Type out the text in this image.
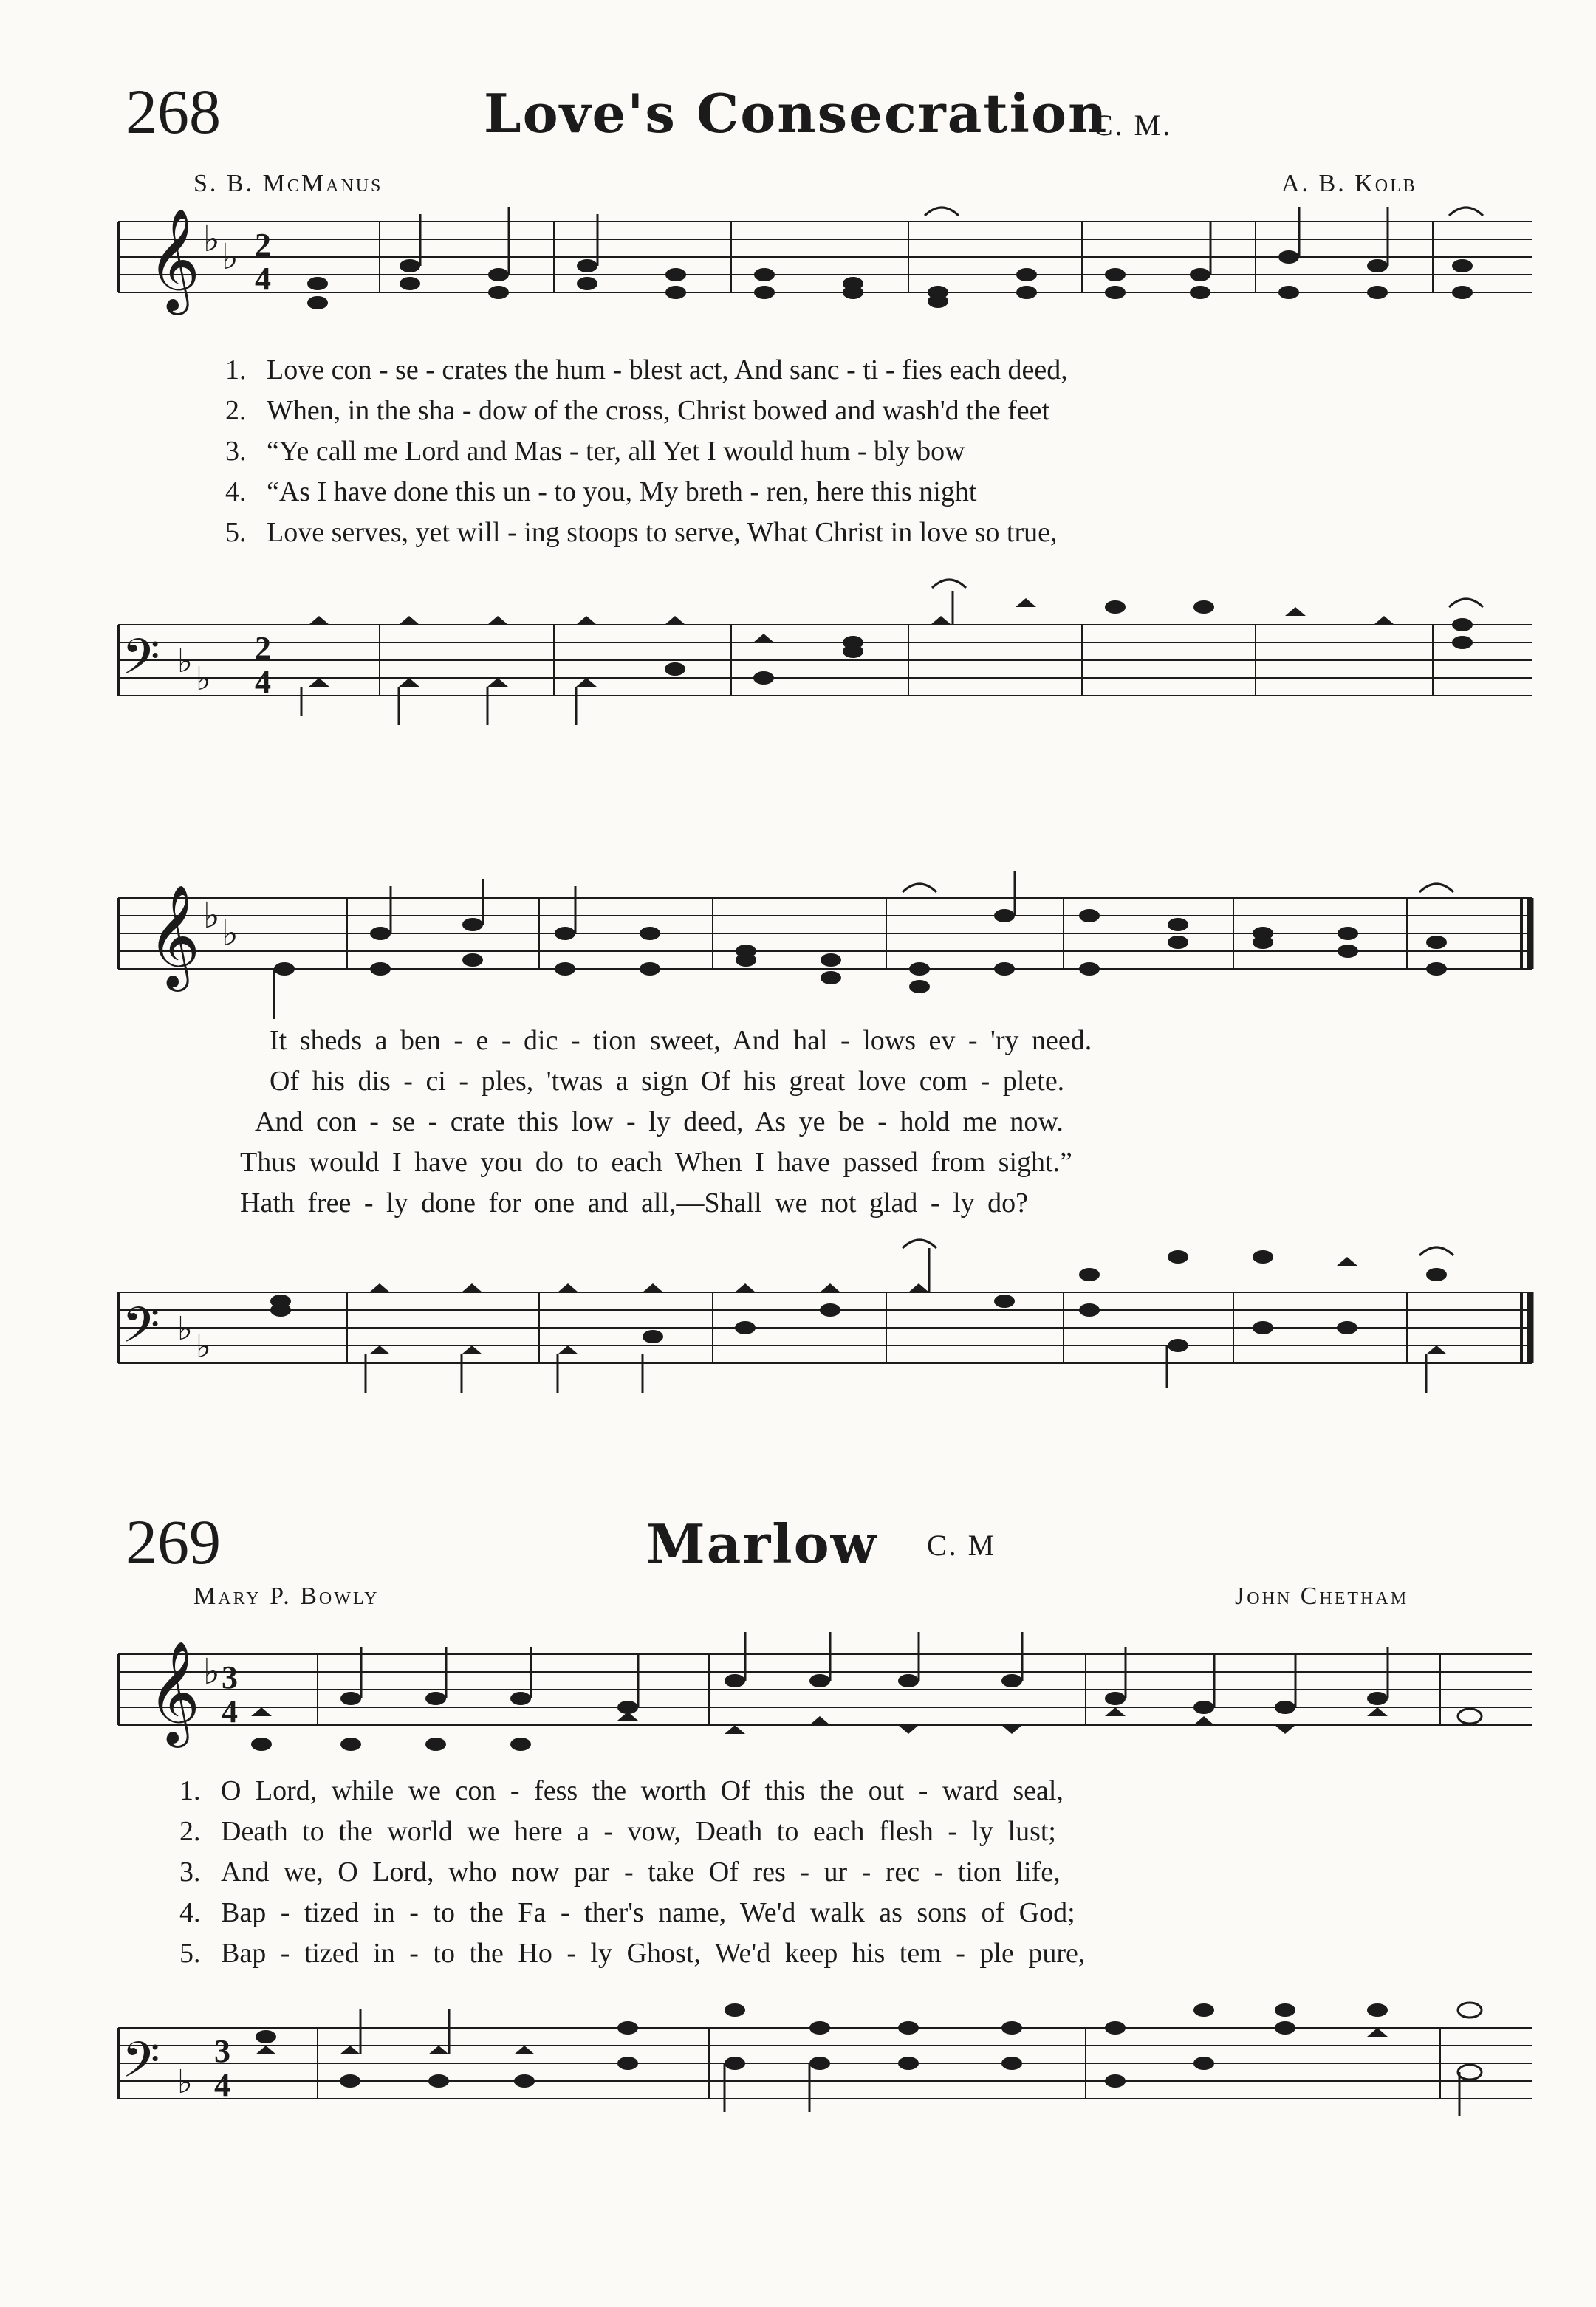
268	Love's Consecration
C. M.
S. B. McManus	A. B. Kolb
𝄞 ♭ ♭ 2
4
1. Love con - se - crates the hum - blest act, And sanc - ti - fies each deed,
2. When, in the sha - dow of the cross, Christ bowed and wash'd the feet
3. “Ye call me Lord and Mas - ter, all Yet I would hum - bly bow
4. “As I have done this un - to you, My breth - ren, here this night
5. Love serves, yet will - ing stoops to serve, What Christ in love so true,
𝄢 ♭ ♭
2
4
𝄞 ♭ ♭
It sheds a ben - e - dic - tion sweet, And hal - lows ev - 'ry need.
Of his dis - ci - ples, 'twas a sign Of his great love com - plete.
And con - se - crate this low - ly deed, As ye be - hold me now.
Thus would I have you do to each When I have passed from sight.”
Hath free - ly done for one and all,—Shall we not glad - ly do?
𝄢 ♭ ♭
269	Marlow C. M
Mary P. Bowly	John Chetham
𝄞 ♭ 3
4
1. O Lord, while we con - fess the worth Of this the out - ward seal,
2. Death to the world we here a - vow, Death to each flesh - ly lust;
3. And we, O Lord, who now par - take Of res - ur - rec - tion life,
4. Bap - tized in - to the Fa - ther's name, We'd walk as sons of God;
5. Bap - tized in - to the Ho - ly Ghost, We'd keep his tem - ple pure,
𝄢 ♭
3
4
